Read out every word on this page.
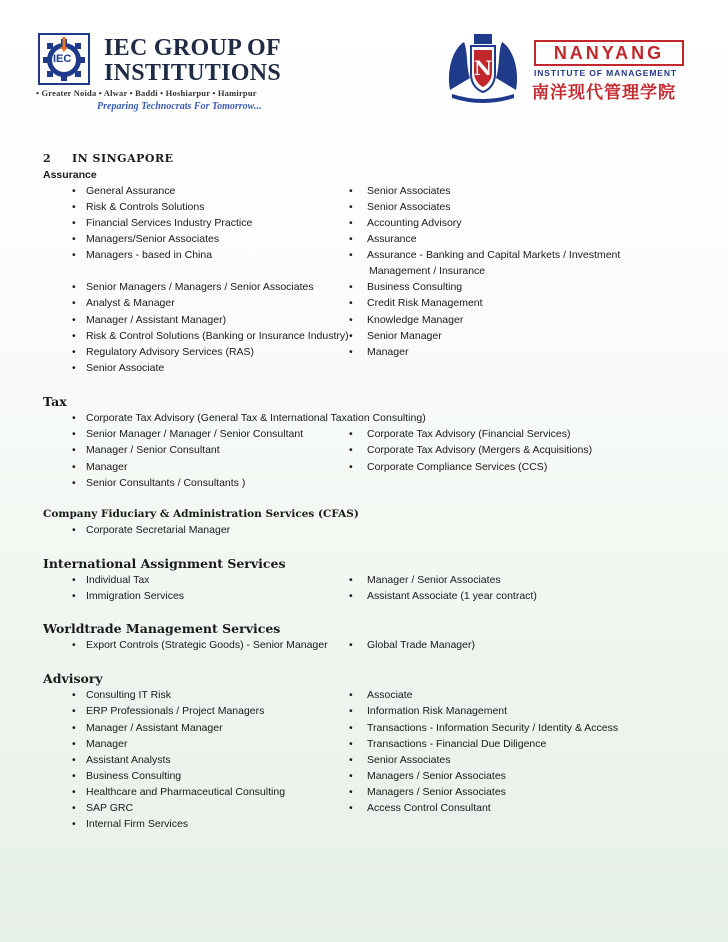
IEC IEC GROUP OF
INSTITUTIONS
• Greater Noida • Alwar • Baddi • Hoshiarpur • Hamirpur
Preparing Technocrats For Tomorrow...
N
NANYANG
INSTITUTE OF MANAGEMENT
南洋现代管理学院
2 IN SINGAPORE
Assurance
• General Assurance
• Risk & Controls Solutions
• Financial Services Industry Practice
• Managers/Senior Associates
• Managers - based in China
• Senior Managers / Managers / Senior Associates
• Analyst & Manager
• Manager / Assistant Manager)
• Risk & Control Solutions (Banking or Insurance Industry)
• Regulatory Advisory Services (RAS)
• Senior Associate
• Senior Associates
• Senior Associates
• Accounting Advisory
• Assurance
• Assurance - Banking and Capital Markets / Investment
Management / Insurance
• Business Consulting
• Credit Risk Management
• Knowledge Manager
• Senior Manager
• Manager
Tax
• Corporate Tax Advisory (General Tax & International Taxation Consulting)
• Senior Manager / Manager / Senior Consultant
• Manager / Senior Consultant
• Manager
• Senior Consultants / Consultants )
• Corporate Tax Advisory (Financial Services)
• Corporate Tax Advisory (Mergers & Acquisitions)
• Corporate Compliance Services (CCS)
Company Fiduciary & Administration Services (CFAS)
• Corporate Secretarial Manager
International Assignment Services
• Individual Tax
• Immigration Services
• Manager / Senior Associates
• Assistant Associate (1 year contract)
Worldtrade Management Services
• Export Controls (Strategic Goods) - Senior Manager • Global Trade Manager)
Advisory
• Consulting IT Risk
• ERP Professionals / Project Managers
• Manager / Assistant Manager
• Manager
• Assistant Analysts
• Business Consulting
• Healthcare and Pharmaceutical Consulting
• SAP GRC
• Internal Firm Services
• Associate
• Information Risk Management
• Transactions - Information Security / Identity & Access
• Transactions - Financial Due Diligence
• Senior Associates
• Managers / Senior Associates
• Managers / Senior Associates
• Access Control Consultant
